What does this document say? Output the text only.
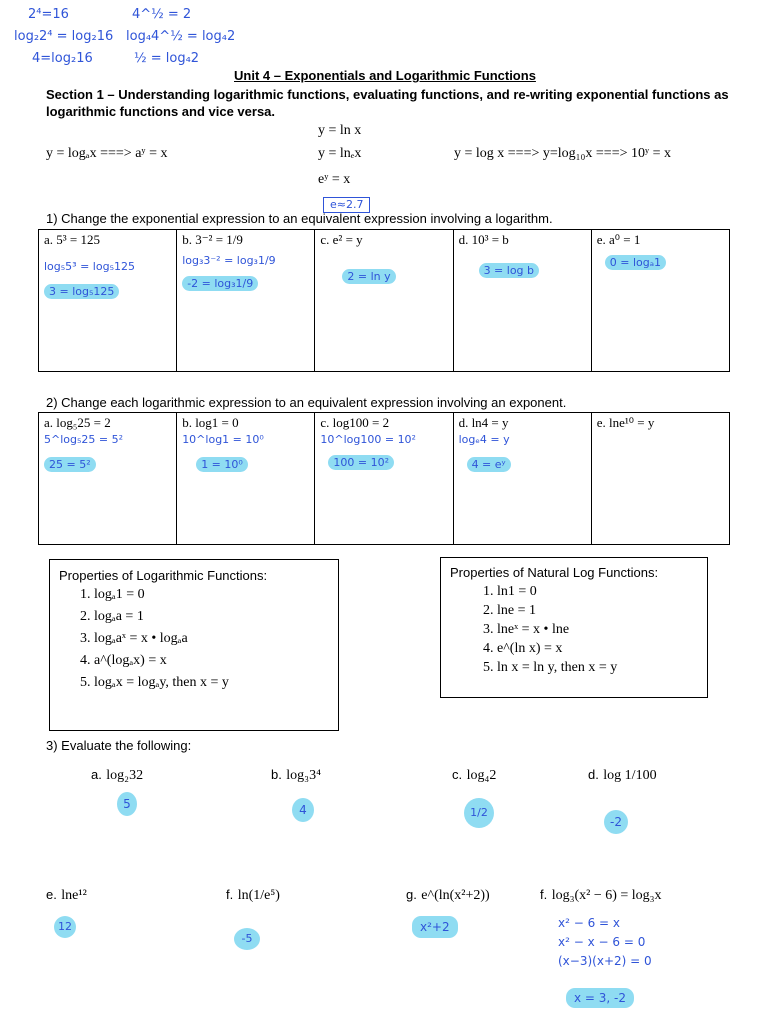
2⁴=16
log₂2⁴ = log₂16
4=log₂16
4^½ = 2
log₄4^½ = log₄2
½ = log₄2
Unit 4 – Exponentials and Logarithmic Functions
Section 1 – Understanding logarithmic functions, evaluating functions, and re-writing exponential functions as logarithmic functions and vice versa.
y = logₐx ===> aʸ = x
y = ln x
y = lnₑx
eʸ = x
y = log x ===> y=log₁₀x ===> 10ʸ = x
e≈2.7
1) Change the exponential expression to an equivalent expression involving a logarithm.
a. 5³ = 125
log₅5³ = log₅125
3 = log₅125
	b. 3⁻² = 1/9
log₃3⁻² = log₃1/9
-2 = log₃1/9
	c. e² = y
2 = ln y
	d. 10³ = b
3 = log b
	e. a⁰ = 1
0 = logₐ1
2) Change each logarithmic expression to an equivalent expression involving an exponent.
a. log₅25 = 2
5^log₅25 = 5²
25 = 5²
	b. log1 = 0
10^log1 = 10⁰
1 = 10⁰
	c. log100 = 2
10^log100 = 10²
100 = 10²
	d. ln4 = y
logₑ4 = y
4 = eʸ
	e. lne¹⁰ = y
Properties of Logarithmic Functions:
1. logₐ1 = 0
2. logₐa = 1
3. logₐaˣ = x • logₐa
4. a^(logₐx) = x
5. logₐx = logₐy, then x = y
Properties of Natural Log Functions:
1. ln1 = 0
2. lne = 1
3. lneˣ = x • lne
4. e^(ln x) = x
5. ln x = ln y, then x = y
3) Evaluate the following:
a. log₂32
5
b. log₃3⁴
4
c. log₄2
1/2
d. log 1/100
-2
e. lne¹²
12
f. ln(1/e⁵)
-5
g. e^(ln(x²+2))
x²+2
f. log₃(x² − 6) = log₃x
x² − 6 = x
x² − x − 6 = 0
(x−3)(x+2) = 0
x = 3, -2
